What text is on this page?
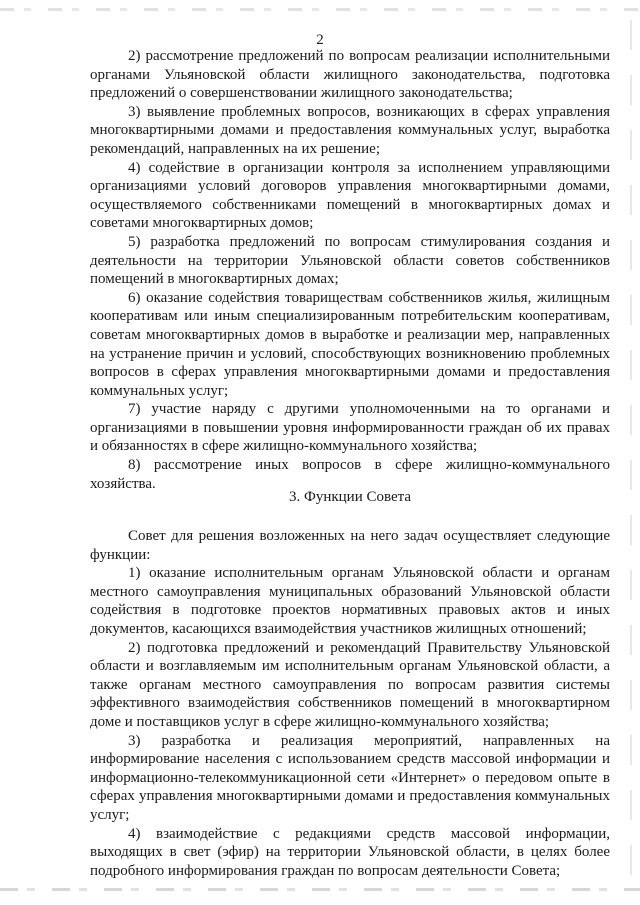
2

2) рассмотрение предложений по вопросам реализации исполнительными органами Ульяновской области жилищного законодательства, подготовка предложений о совершенствовании жилищного законодательства;

3) выявление проблемных вопросов, возникающих в сферах управления многоквартирными домами и предоставления коммунальных услуг, выработка рекомендаций, направленных на их решение;

4) содействие в организации контроля за исполнением управляющими организациями условий договоров управления многоквартирными домами, осуществляемого собственниками помещений в многоквартирных домах и советами многоквартирных домов;

5) разработка предложений по вопросам стимулирования создания и деятельности на территории Ульяновской области советов собственников помещений в многоквартирных домах;

6) оказание содействия товариществам собственников жилья, жилищным кооперативам или иным специализированным потребительским кооперативам, советам многоквартирных домов в выработке и реализации мер, направленных на устранение причин и условий, способствующих возникновению проблемных вопросов в сферах управления многоквартирными домами и предоставления коммунальных услуг;

7) участие наряду с другими уполномоченными на то органами и организациями в повышении уровня информированности граждан об их правах и обязанностях в сфере жилищно-коммунального хозяйства;

8) рассмотрение иных вопросов в сфере жилищно-коммунального хозяйства.

3. Функции Совета

Совет для решения возложенных на него задач осуществляет следующие функции:

1) оказание исполнительным органам Ульяновской области и органам местного самоуправления муниципальных образований Ульяновской области содействия в подготовке проектов нормативных правовых актов и иных документов, касающихся взаимодействия участников жилищных отношений;

2) подготовка предложений и рекомендаций Правительству Ульяновской области и возглавляемым им исполнительным органам Ульяновской области, а также органам местного самоуправления по вопросам развития системы эффективного взаимодействия собственников помещений в многоквартирном доме и поставщиков услуг в сфере жилищно-коммунального хозяйства;

3) разработка и реализация мероприятий, направленных на информирование населения с использованием средств массовой информации и информационно-телекоммуникационной сети «Интернет» о передовом опыте в сферах управления многоквартирными домами и предоставления коммунальных услуг;

4) взаимодействие с редакциями средств массовой информации, выходящих в свет (эфир) на территории Ульяновской области, в целях более подробного информирования граждан по вопросам деятельности Совета;
